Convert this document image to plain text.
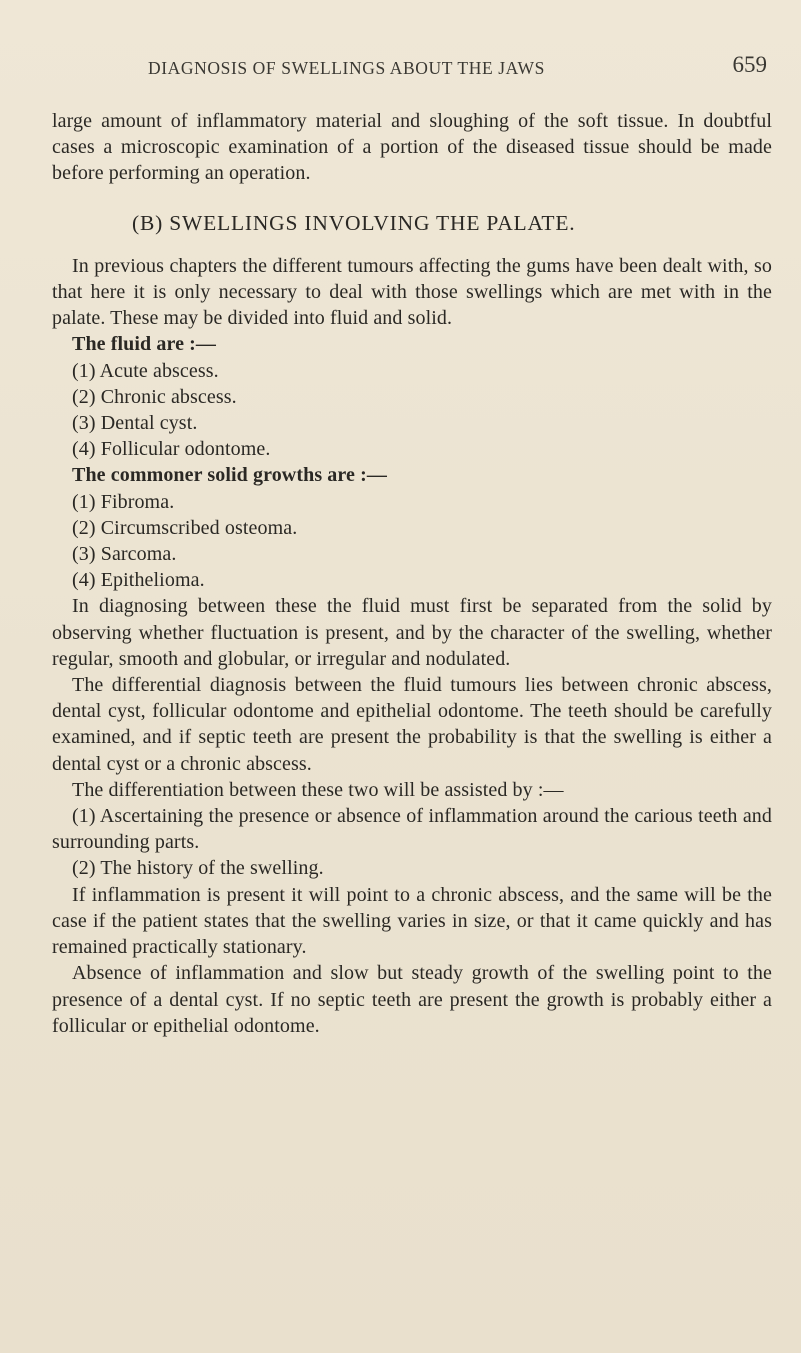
DIAGNOSIS OF SWELLINGS ABOUT THE JAWS	659

large amount of inflammatory material and sloughing of the soft tissue. In doubtful cases a microscopic examination of a portion of the diseased tissue should be made before performing an operation.

(B) SWELLINGS INVOLVING THE PALATE.

In previous chapters the different tumours affecting the gums have been dealt with, so that here it is only necessary to deal with those swellings which are met with in the palate. These may be divided into fluid and solid.

The fluid are :—

(1) Acute abscess.

(2) Chronic abscess.

(3) Dental cyst.

(4) Follicular odontome.

The commoner solid growths are :—

(1) Fibroma.

(2) Circumscribed osteoma.

(3) Sarcoma.

(4) Epithelioma.

In diagnosing between these the fluid must first be separated from the solid by observing whether fluctuation is present, and by the character of the swelling, whether regular, smooth and globular, or irregular and nodulated.

The differential diagnosis between the fluid tumours lies between chronic abscess, dental cyst, follicular odontome and epithelial odontome. The teeth should be carefully examined, and if septic teeth are present the probability is that the swelling is either a dental cyst or a chronic abscess.

The differentiation between these two will be assisted by :—

(1) Ascertaining the presence or absence of inflammation around the carious teeth and surrounding parts.

(2) The history of the swelling.

If inflammation is present it will point to a chronic abscess, and the same will be the case if the patient states that the swelling varies in size, or that it came quickly and has remained practically stationary.

Absence of inflammation and slow but steady growth of the swelling point to the presence of a dental cyst. If no septic teeth are present the growth is probably either a follicular or epithelial odontome.
